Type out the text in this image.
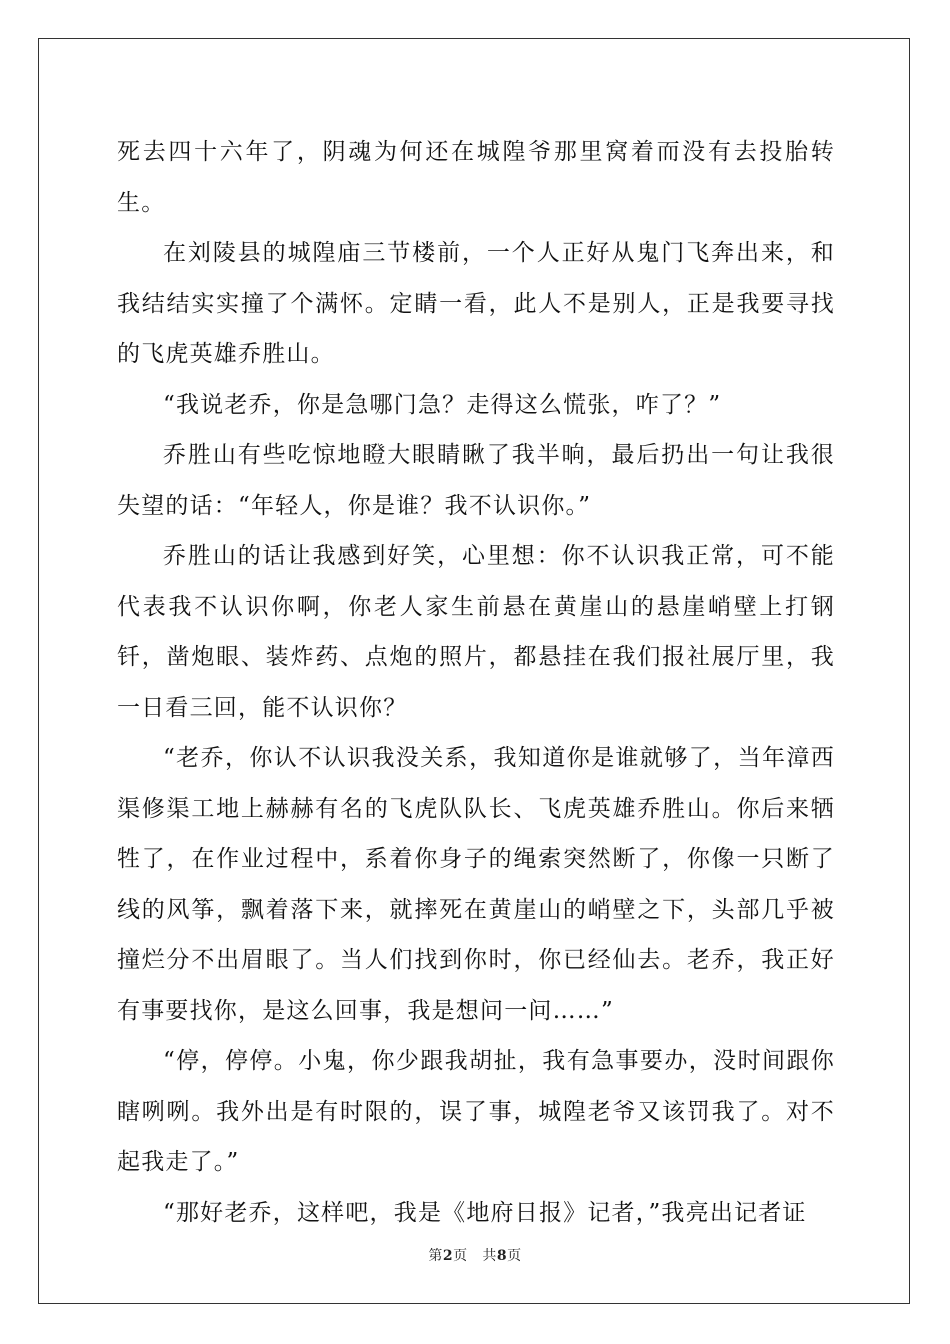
死去四十六年了，阴魂为何还在城隍爷那里窝着而没有去投胎转生。

在刘陵县的城隍庙三节楼前，一个人正好从鬼门飞奔出来，和我结结实实撞了个满怀。定睛一看，此人不是别人，正是我要寻找的飞虎英雄乔胜山。

“我说老乔，你是急哪门急？走得这么慌张，咋了？”

乔胜山有些吃惊地瞪大眼睛瞅了我半晌，最后扔出一句让我很失望的话：“年轻人，你是谁？我不认识你。”

乔胜山的话让我感到好笑，心里想：你不认识我正常，可不能代表我不认识你啊，你老人家生前悬在黄崖山的悬崖峭壁上打钢钎，凿炮眼、装炸药、点炮的照片，都悬挂在我们报社展厅里，我一日看三回，能不认识你？

“老乔，你认不认识我没关系，我知道你是谁就够了，当年漳西渠修渠工地上赫赫有名的飞虎队队长、飞虎英雄乔胜山。你后来牺牲了，在作业过程中，系着你身子的绳索突然断了，你像一只断了线的风筝，飘着落下来，就摔死在黄崖山的峭壁之下，头部几乎被撞烂分不出眉眼了。当人们找到你时，你已经仙去。老乔，我正好有事要找你，是这么回事，我是想问一问……”

“停，停停。小鬼，你少跟我胡扯，我有急事要办，没时间跟你瞎咧咧。我外出是有时限的，误了事，城隍老爷又该罚我了。对不起我走了。”

“那好老乔，这样吧，我是《地府日报》记者，”我亮出记者证

第2页 共8页
